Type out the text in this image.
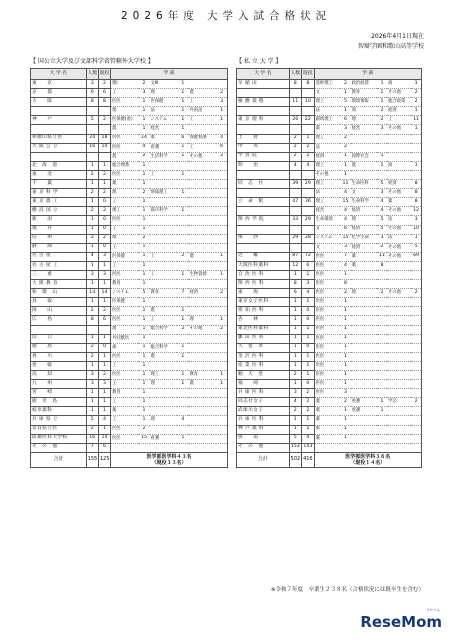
2026年度 大学入試合格状況
2026年4月1日現在
智辯学園和歌山高等学校
【 国公立大学及び文部科学省管轄外大学校 】	【 私 立 大 学 】
大 学 名	人数	既役	学 部					
東　　京	3	2	理Ⅰ	2	文Ⅲ	1		
京　　都	6	6	工	3	理	1	農	2
大　　阪	8	8	医医	1	医保健	1	工	3
			理	1	法	1	外国語	1
神　　戸	5	2	医保健(看)	1	システム	1	工	1
			農	1	経営	1		
和歌山県立医	24	18	医医	14	薬	6	保健看護	4
大 阪 公 立	16	14	医医	4	看護	1	工	6
			農	2	生活科学	1	その他	2
北　海　道	1	1	総合理系	1				
東　　北	2	2	医医	1	工	1		
千　　葉	1	1	薬	1				
東 京 科 学	2	2	理	2	情報理工	1		
東 京 農 工	1	0	工	1				
横 浜 国 立	2	2	理工	1	都市科学	1		
新　　潟	1	0	医医	1				
福　　井	1	0	工	1				
信　　州	2	2	理	2				
静　　岡	1	0	工	1				
名 古 屋	4	3	医保健	1	工	2	農	1
名 古 屋 工	1	1	工	1				
三　　重	3	3	医医	1	工	1	生物資源	1
大 阪 教 育	1	1	教育	1				
和　歌　山	14	14	システム	5	教育	7	経済	2
鳥　　取	1	1	医保健	1				
岡　　山	2	2	医医	1	農	1		
広　　島	8	6	医医	1	工	1	理	1
			理	1	総合科学	2	その他	2
山　　口	1	1	共同獣医	1				
徳　　島	2	0	歯	1	総合科学	1		
香　　川	2	1	医医	1	農	1		
愛　　媛	1	1	工	1				
高　　知	3	2	医医	1	理工	1	教育	1
九　　州	3	3	工	1	理	1	農	1
宮　　崎	1	1	教育	1				
鹿　児　島	1	1	工	1				
岐阜薬科	1	1	薬	1				
兵 庫 県 立	5	4	工	1	理	4		
奈良県立医	2	1	医医	2				
防衛医科大学校	16	14	医医	15	看護	1		
そ　の　他	7	6						
合計	155	125	医学部医学科４３名
（現役３３名）					
大 学 名	人数	既役	学 部					
早 稲 田	8	8	基幹理工	2	政治経済	1	商	1
			文	1	教育	1	その他	2
慶 應 義 塾	11	10	理工	5	環境情報	1	総合政策	2
			法	1	商	2	経済	1
東 京 理 科	26	22	創域理工	6	理	2	工	11
			薬	3	経営	3	その他	1
上　　智	2	1	理工	2				
中　　央	2	2	法	2				
学 習 院	2	2	経済	1	国際社会	1		
明　　治	4	4	理工	1	農	1	商	1
			その他	1				
同　志　社	39	29	理工	11	生命医科	5	経済	8
			法	4	文	3	その他	8
立　命　館	47	36	理工	15	生命科学	4	薬	8
			経営	4	経済	4	その他	12
関 西 学 院	33	29	生命環境	4	理	5	法	3
			文	6	経済	5	その他	10
関　　西	29	28	システム	15	化学生命	3	法	1
			文	3	経済	2	その他	5
近　　畿	87	72	医医	7	薬	11	その他	69
大阪医科薬科	12	6	医医	4	薬	8		
自 治 医 科	1	1	医医	1				
関 西 医 科	8	3	医医	8				
東　　海	6	4	医医	2	理	2	その他	2
東京女子医科	1	1	医医	1				
愛 知 医 科	1	0	医医	1				
杏　　林	1	0	医医	1				
東北医科薬科	1	1	医医	1				
藤 田 医 科	1	1	医医	1				
久　留　米	1	0	医医	1				
金 沢 医 科	1	1	医医	1				
産 業 医 科	1	1	医医	1				
順　天　堂	2	1	医医	1				
福　　岡	1	0	医医	1				
兵 庫 医 科	3	2	医医	3				
同志社女子	4	2	薬	2	看護	1	学芸	2
武庫川女子	2	2	薬	1	看護	1		
兵 庫 医 科	1	1	薬	1				
神 戸 薬 科	1	1	薬	1				
摂　　南	5	4	薬	1				
そ　の　他	153	143						
合計	502	416	医学部医学科３６名
（現役１４名）					
※令和７年度　卒業生２３８名（合格状況には既卒生を含む）
リセマム
ReseMom
